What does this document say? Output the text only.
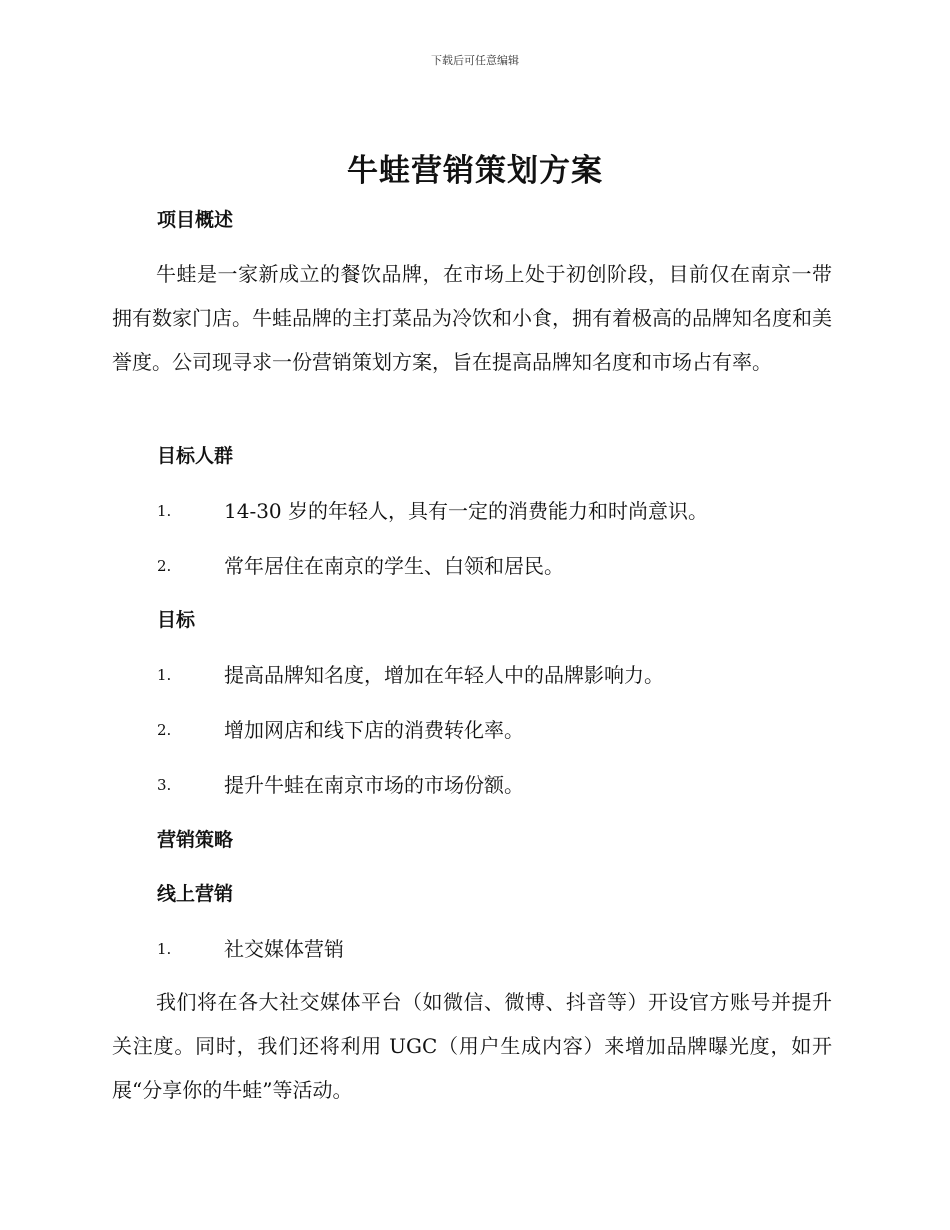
下载后可任意编辑
牛蛙营销策划方案
项目概述

牛蛙是一家新成立的餐饮品牌，在市场上处于初创阶段，目前仅在南京一带拥有数家门店。牛蛙品牌的主打菜品为冷饮和小食，拥有着极高的品牌知名度和美誉度。公司现寻求一份营销策划方案，旨在提高品牌知名度和市场占有率。

目标人群
1.	14-30 岁的年轻人，具有一定的消费能力和时尚意识。
2.	常年居住在南京的学生、白领和居民。
目标
1.	提高品牌知名度，增加在年轻人中的品牌影响力。
2.	增加网店和线下店的消费转化率。
3.	提升牛蛙在南京市场的市场份额。
营销策略
线上营销
1.	社交媒体营销

我们将在各大社交媒体平台（如微信、微博、抖音等）开设官方账号并提升关注度。同时，我们还将利用 UGC（用户生成内容）来增加品牌曝光度，如开展“分享你的牛蛙”等活动。
